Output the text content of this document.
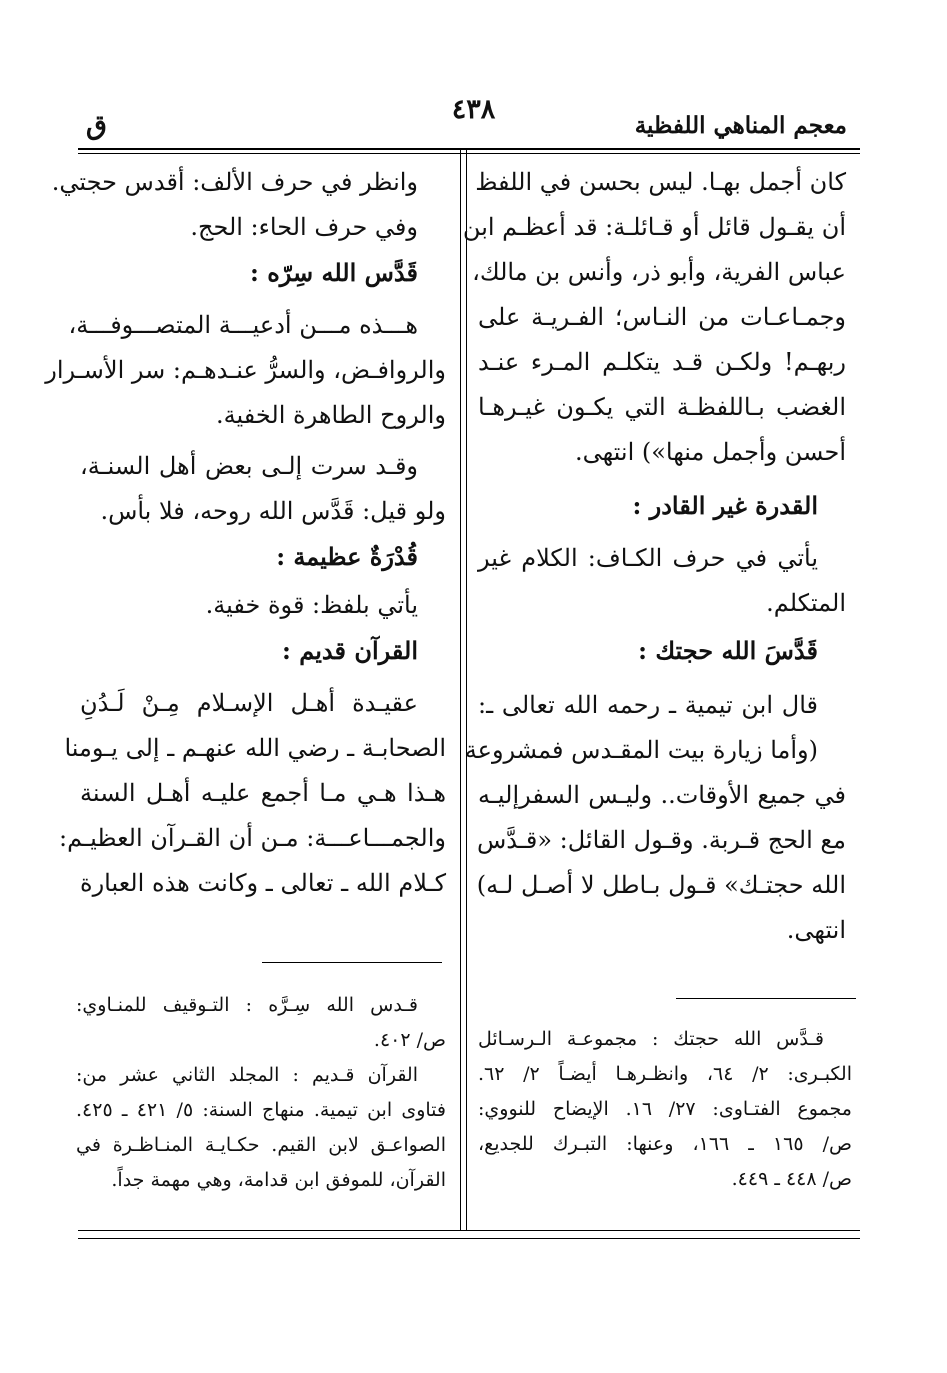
معجم المناهي اللفظية
٤٣٨
ق
كان أجمل بهـا. ليس بحسن في اللفظ
أن يقـول قائل أو قـائلـة: قد أعظـم ابن
عباس الفرية، وأبو ذر، وأنس بن مالك،
وجمـاعـات من النـاس؛ الفـريـة على
ربهـم! ولكـن قـد يتكلـم المـرء عنـد
الغضب بـاللفظـة التي يكـون غيـرهـا
أحسن وأجمل منها») انتهى.
القدرة غير القادر :
يأتي في حرف الكـاف: الكلام غير
المتكلم.
قَدَّسَ الله حجتك :
قال ابن تيمية ـ رحمه الله تعالى ـ:
(وأما زيارة بيت المقـدس فمشروعة
في جميع الأوقات.. وليـس السفرإليـه
مع الحج قـربة. وقـول القائل: «قـدَّس
الله حجتـك» قـول بـاطل لا أصـل لـه)
انتهى.
قـدَّس الله حجتك : مجموعـة الـرسـائل
الكبـرى: ٢/ ٦٤، وانظـرهـا أيضـاً ٢/ ٦٢.
مجموع الفتـاوى: ٢٧/ ١٦. الإيضاح للنووي:
ص/ ١٦٥ ـ ١٦٦، وعنها: التبـرك للجديع،
ص/ ٤٤٨ ـ ٤٤٩.
وانظر في حرف الألف: أقدس حجتي.
وفي حرف الحاء: الحج.
قَدَّس الله سِرّه :
هـــذه مـــن أدعيـــة المتصـــوفـــة،
والروافـض، والسرُّ عنـدهـم: سر الأسـرار
والروح الطاهرة الخفية.
وقـد سرت إلـى بعض أهل السنـة،
ولو قيل: قَدَّس الله روحه، فلا بأس.
قُدْرَةٌ عظيمة :
يأتي بلفظ: قوة خفية.
القرآن قديم :
عقيـدة أهـل الإسـلام مِـنْ لَـدُنِ
الصحابـة ـ رضي الله عنهـم ـ إلى يـومنا
هـذا هـي مـا أجمع عليـه أهـل السنة
والجمـــاعـــة: مـن أن القـرآن العظيـم:
كـلام الله ـ تعالى ـ وكانت هذه العبارة
قـدس الله سِـرَّه : التـوقيف للمنـاوي:
ص/ ٤٠٢.
القرآن قـديم : المجلد الثاني عشر من:
فتاوى ابن تيمية. منهاج السنة: ٥/ ٤٢١ ـ ٤٢٥.
الصواعـق لابن القيم. حكـايـة المنـاظـرة في
القرآن، للموفق ابن قدامة، وهي مهمة جداً.
